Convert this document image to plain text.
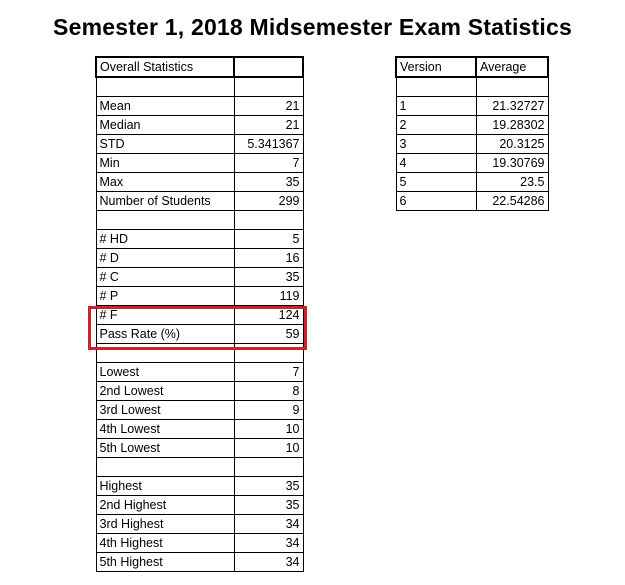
Semester 1, 2018 Midsemester Exam Statistics
Overall Statistics	

Mean	21
Median	21
STD	5.341367
Min	7
Max	35
Number of Students	299

# HD	5
# D	16
# C	35
# P	119
# F	124
Pass Rate (%)	59

Lowest	7
2nd Lowest	8
3rd Lowest	9
4th Lowest	10
5th Lowest	10

Highest	35
2nd Highest	35
3rd Highest	34
4th Highest	34
5th Highest	34
Version	Average

1	21.32727
2	19.28302
3	20.3125
4	19.30769
5	23.5
6	22.54286
